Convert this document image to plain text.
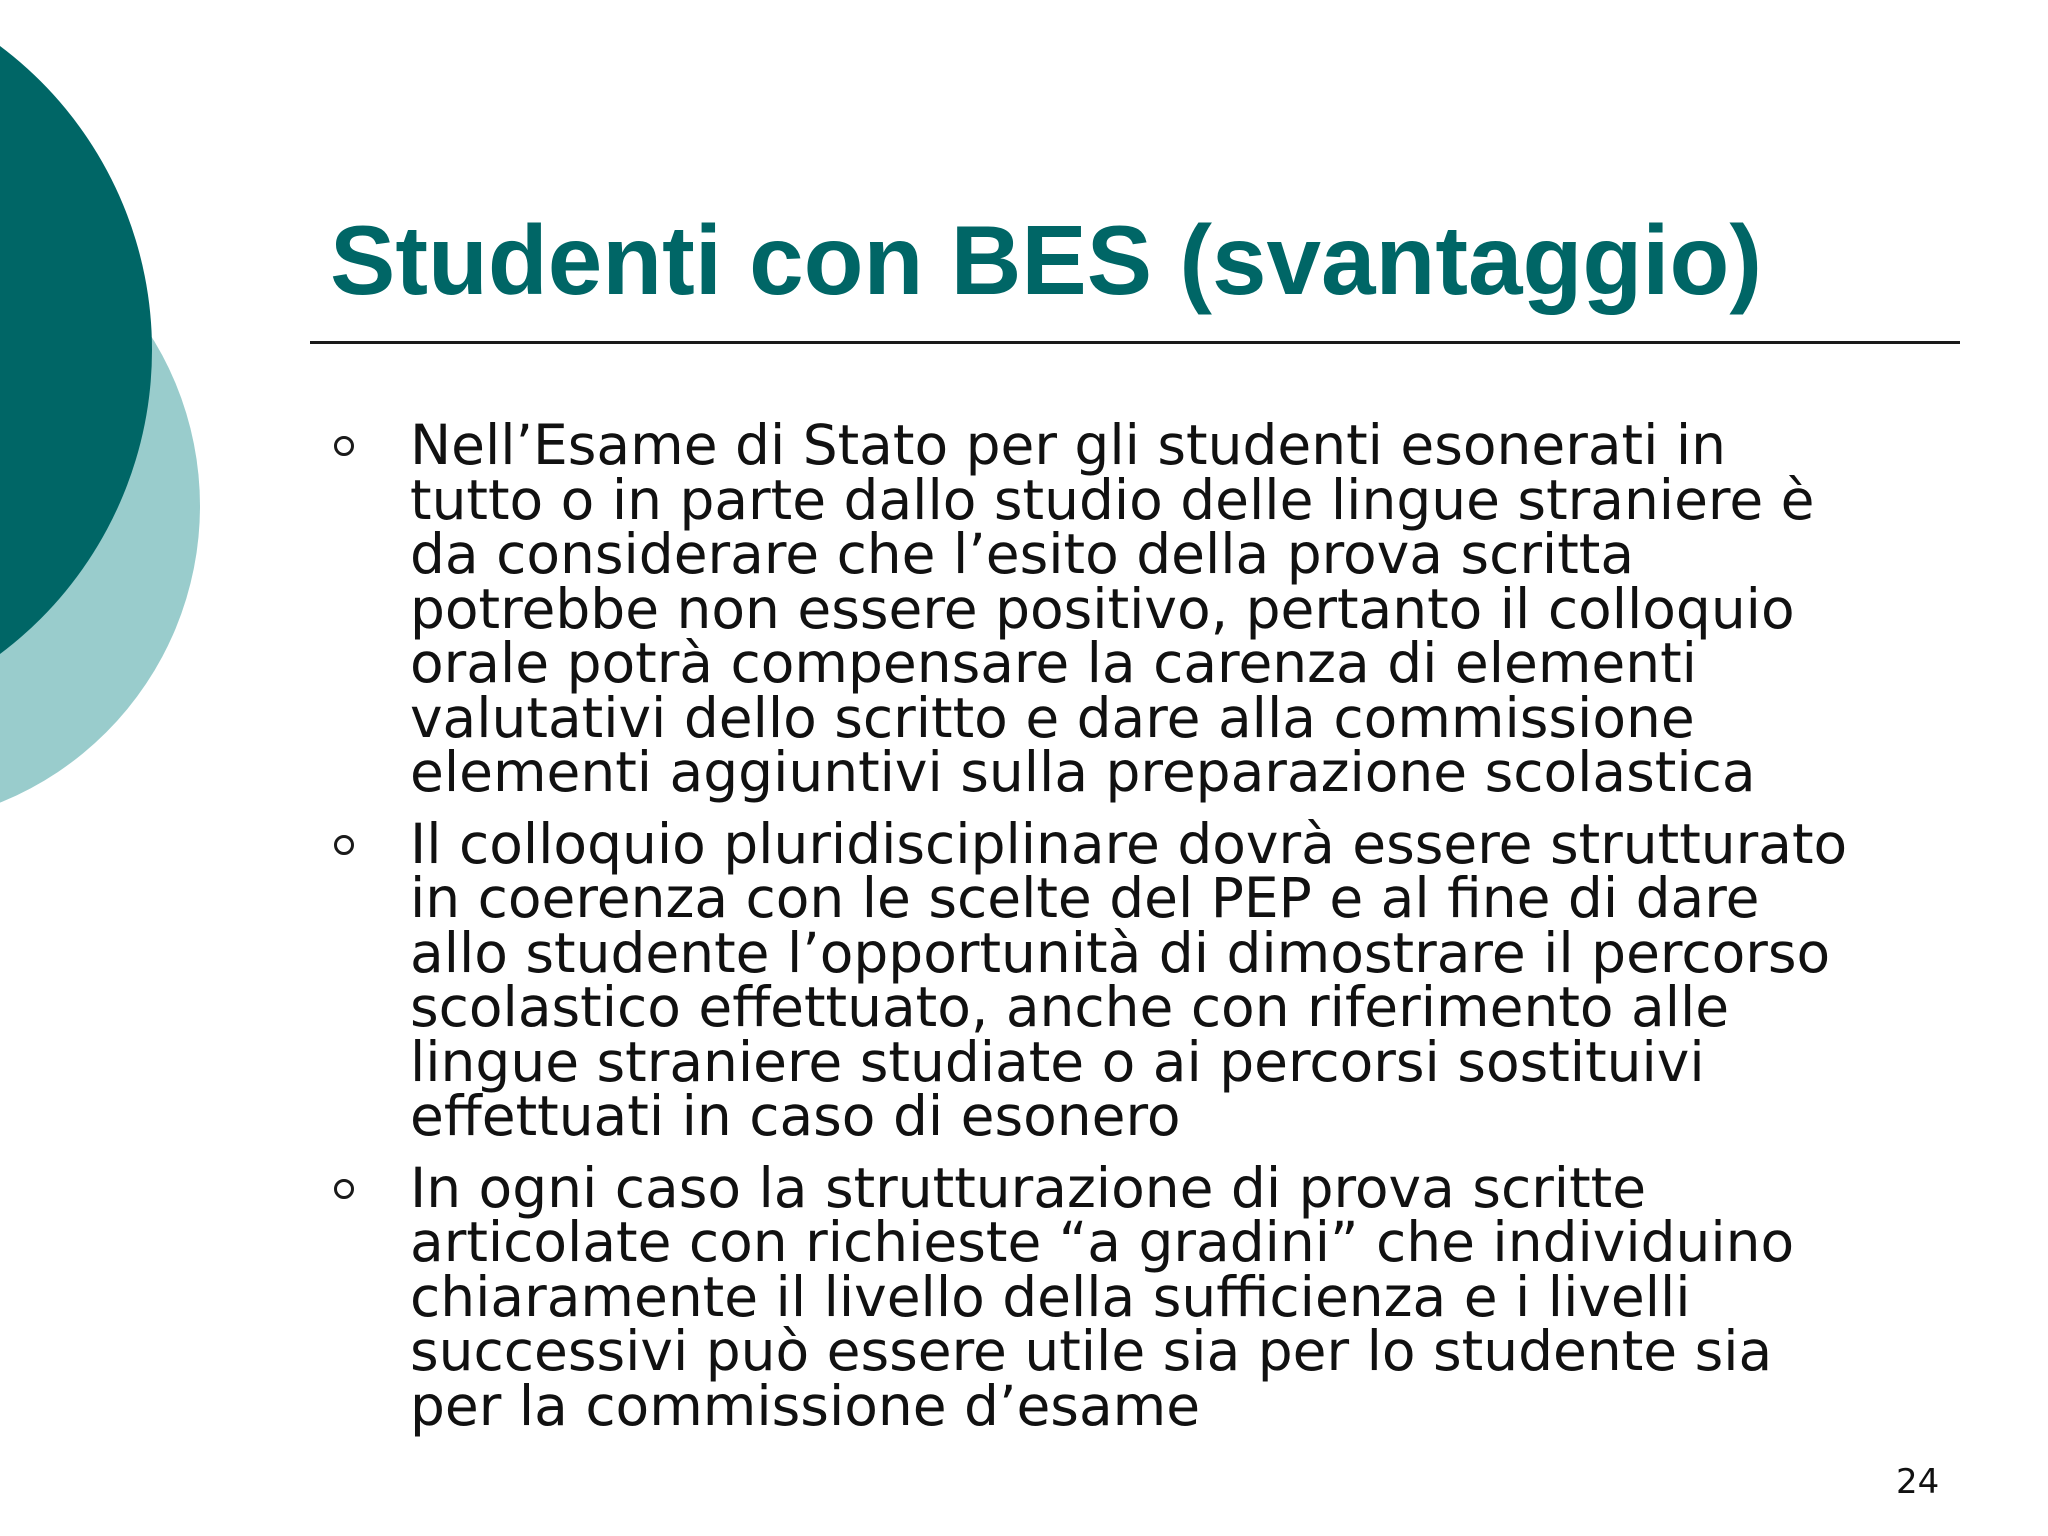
Studenti con BES (svantaggio)
Nell’Esame di Stato per gli studenti esonerati in
tutto o in parte dallo studio delle lingue straniere è
da considerare che l’esito della prova scritta
potrebbe non essere positivo, pertanto il colloquio
orale potrà compensare la carenza di elementi
valutativi dello scritto e dare alla commissione
elementi aggiuntivi sulla preparazione scolastica
Il colloquio pluridisciplinare dovrà essere strutturato
in coerenza con le scelte del PEP e al fine di dare
allo studente l’opportunità di dimostrare il percorso
scolastico effettuato, anche con riferimento alle
lingue straniere studiate o ai percorsi sostituivi
effettuati in caso di esonero
In ogni caso la strutturazione di prova scritte
articolate con richieste “a gradini” che individuino
chiaramente il livello della sufficienza e i livelli
successivi può essere utile sia per lo studente sia
per la commissione d’esame
24
